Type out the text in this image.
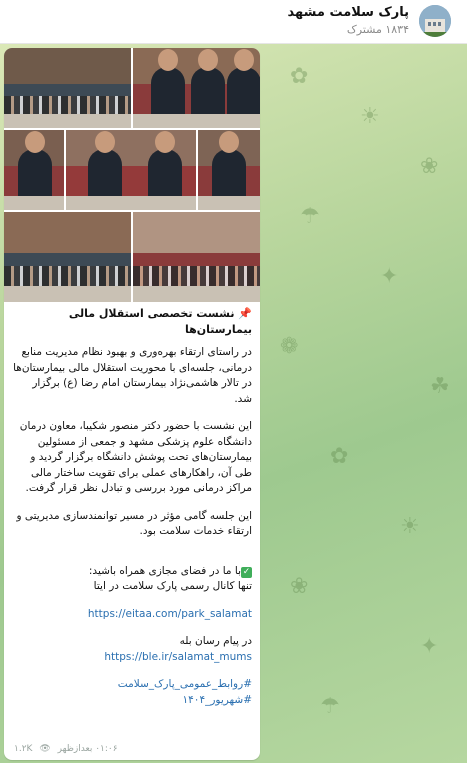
پارک سلامت مشهد
۱۸۳۴ مشترک
✿
☀
❀
☂
✦
❁
☘
✿
☀
❀
✦
☂

📌 نشست تخصصی استقلال مالی بیمارستان‌ها

در راستای ارتقاء بهره‌وری و بهبود نظام مدیریت منابع درمانی، جلسه‌ای با محوریت استقلال مالی بیمارستان‌ها در تالار هاشمی‌نژاد بیمارستان امام رضا (ع) برگزار شد.

این نشست با حضور دکتر منصور شکیبا، معاون درمان دانشگاه علوم پزشکی مشهد و جمعی از مسئولین بیمارستان‌های تحت پوشش دانشگاه برگزار گردید و طی آن، راهکارهای عملی برای تقویت ساختار مالی مراکز درمانی مورد بررسی و تبادل نظر قرار گرفت.

این جلسه گامی مؤثر در مسیر توانمندسازی مدیریتی و ارتقاء خدمات سلامت بود.

✓با ما در فضای مجازی همراه باشید:

تنها کانال رسمی پارک سلامت در ایتا

https://eitaa.com/park_salamat

در پیام رسان بله

https://ble.ir/salamat_mums

#روابط_عمومی_پارک_سلامت

#شهریور_۱۴۰۴

۰۱:۰۶ بعدازظهر 👁 ۱.۲K
